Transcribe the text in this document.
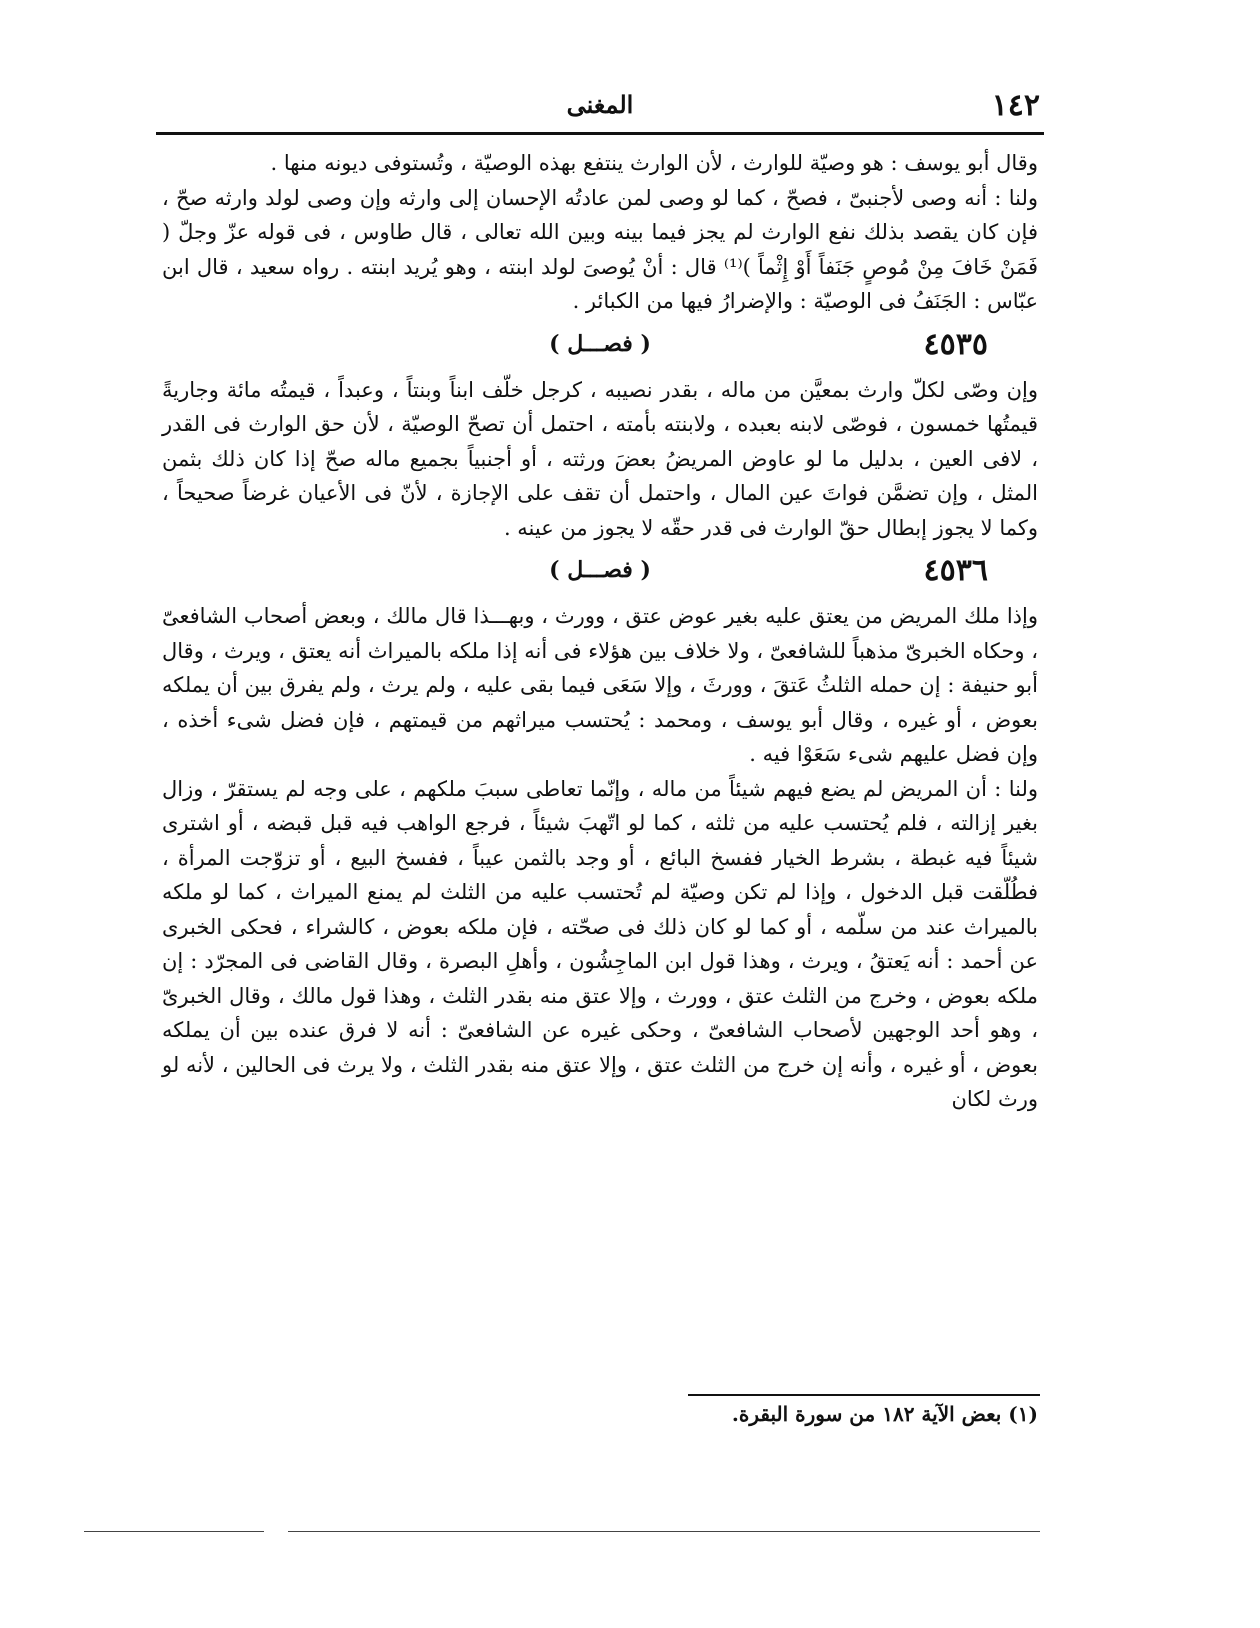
١٤٢
المغنى

وقال أبو يوسف : هو وصيّة للوارث ، لأن الوارث ينتفع بهذه الوصيّة ، وتُستوفى ديونه منها .

ولنا : أنه وصى لأجنبىّ ، فصحّ ، كما لو وصى لمن عادتُه الإحسان إلى وارثه وإن وصى لولد وارثه صحّ ، فإن كان يقصد بذلك نفع الوارث لم يجز فيما بينه وبين الله تعالى ، قال طاوس ، فى قوله عزّ وجلّ ( فَمَنْ خَافَ مِنْ مُوصٍ جَنَفاً أَوْ إِثْماً )⁽¹⁾ قال : أنْ يُوصىَ لولد ابنته ، وهو يُريد ابنته . رواه سعيد ، قال ابن عبّاس : الجَنَفُ فى الوصيّة : والإضرارُ فيها من الكبائر .

٤٥٣٥
( فصـــل )

وإن وصّى لكلّ وارث بمعيَّن من ماله ، بقدر نصيبه ، كرجل خلّف ابناً وبنتاً ، وعبداً ، قيمتُه مائة وجاريةً قيمتُها خمسون ، فوصّى لابنه بعبده ، ولابنته بأمته ، احتمل أن تصحّ الوصيّة ، لأن حق الوارث فى القدر ، لافى العين ، بدليل ما لو عاوض المريضُ بعضَ ورثته ، أو أجنبياً بجميع ماله صحّ إذا كان ذلك بثمن المثل ، وإن تضمَّن فواتَ عين المال ، واحتمل أن تقف على الإجازة ، لأنّ فى الأعيان غرضاً صحيحاً ، وكما لا يجوز إبطال حقّ الوارث فى قدر حقّه لا يجوز من عينه .

٤٥٣٦
( فصـــل )

وإذا ملك المريض من يعتق عليه بغير عوض عتق ، وورث ، وبهـــذا قال مالك ، وبعض أصحاب الشافعىّ ، وحكاه الخبرىّ مذهباً للشافعىّ ، ولا خلاف بين هؤلاء فى أنه إذا ملكه بالميراث أنه يعتق ، ويرث ، وقال أبو حنيفة : إن حمله الثلثُ عَتقَ ، وورثَ ، وإلا سَعَى فيما بقى عليه ، ولم يرث ، ولم يفرق بين أن يملكه بعوض ، أو غيره ، وقال أبو يوسف ، ومحمد : يُحتسب ميراثهم من قيمتهم ، فإن فضل شىء أخذه ، وإن فضل عليهم شىء سَعَوْا فيه .

ولنا : أن المريض لم يضع فيهم شيئاً من ماله ، وإنّما تعاطى سببَ ملكهم ، على وجه لم يستقرّ ، وزال بغير إزالته ، فلم يُحتسب عليه من ثلثه ، كما لو اتّهبَ شيئاً ، فرجع الواهب فيه قبل قبضه ، أو اشترى شيئاً فيه غبطة ، بشرط الخيار ففسخ البائع ، أو وجد بالثمن عيباً ، ففسخ البيع ، أو تزوّجت المرأة ، فطُلّقت قبل الدخول ، وإذا لم تكن وصيّة لم تُحتسب عليه من الثلث لم يمنع الميراث ، كما لو ملكه بالميراث عند من سلّمه ، أو كما لو كان ذلك فى صحّته ، فإن ملكه بعوض ، كالشراء ، فحكى الخبرى عن أحمد : أنه يَعتقُ ، ويرث ، وهذا قول ابن الماجِشُون ، وأهلِ البصرة ، وقال القاضى فى المجرّد : إن ملكه بعوض ، وخرج من الثلث عتق ، وورث ، وإلا عتق منه بقدر الثلث ، وهذا قول مالك ، وقال الخبرىّ ، وهو أحد الوجهين لأصحاب الشافعىّ ، وحكى غيره عن الشافعىّ : أنه لا فرق عنده بين أن يملكه بعوض ، أو غيره ، وأنه إن خرج من الثلث عتق ، وإلا عتق منه بقدر الثلث ، ولا يرث فى الحالين ، لأنه لو ورث لكان

(١) بعض الآية ١٨٢ من سورة البقرة.
